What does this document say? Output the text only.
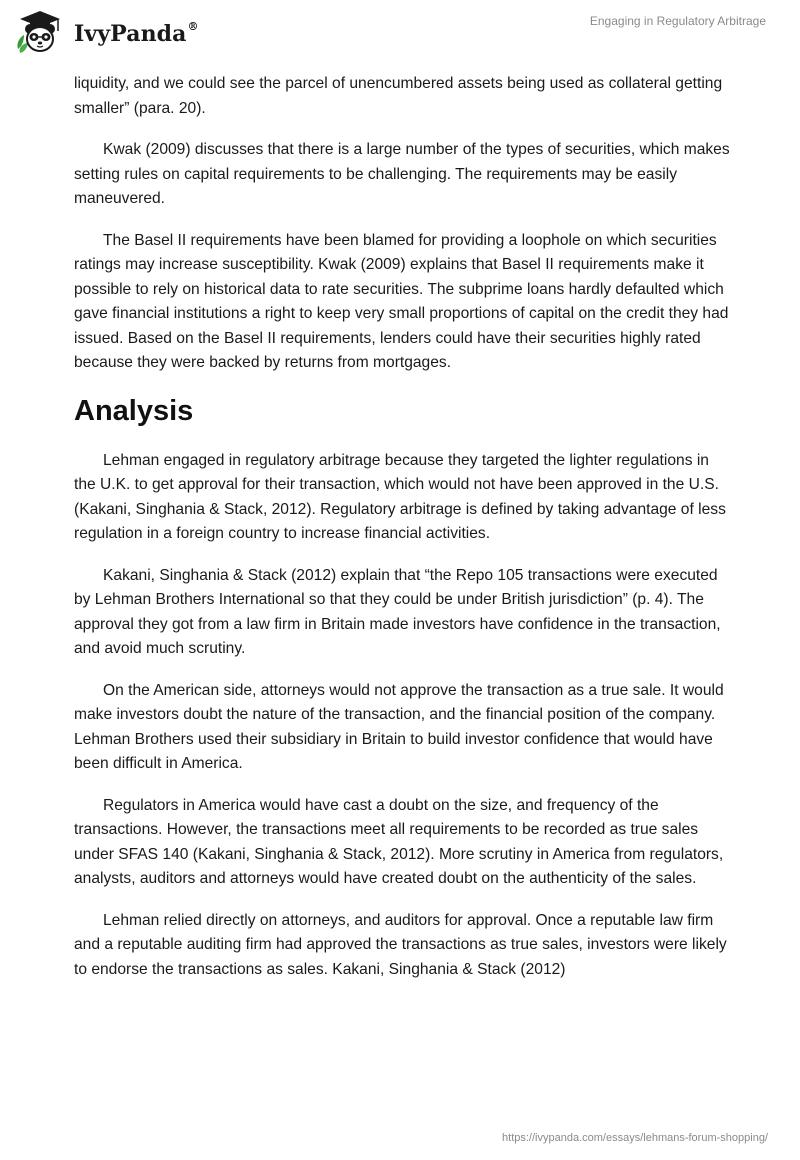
IvyPanda®	Engaging in Regulatory Arbitrage

liquidity, and we could see the parcel of unencumbered assets being used as collateral getting smaller” (para. 20).

Kwak (2009) discusses that there is a large number of the types of securities, which makes setting rules on capital requirements to be challenging. The requirements may be easily maneuvered.

The Basel II requirements have been blamed for providing a loophole on which securities ratings may increase susceptibility. Kwak (2009) explains that Basel II requirements make it possible to rely on historical data to rate securities. The subprime loans hardly defaulted which gave financial institutions a right to keep very small proportions of capital on the credit they had issued. Based on the Basel II requirements, lenders could have their securities highly rated because they were backed by returns from mortgages.

Analysis

Lehman engaged in regulatory arbitrage because they targeted the lighter regulations in the U.K. to get approval for their transaction, which would not have been approved in the U.S. (Kakani, Singhania & Stack, 2012). Regulatory arbitrage is defined by taking advantage of less regulation in a foreign country to increase financial activities.

Kakani, Singhania & Stack (2012) explain that “the Repo 105 transactions were executed by Lehman Brothers International so that they could be under British jurisdiction” (p. 4). The approval they got from a law firm in Britain made investors have confidence in the transaction, and avoid much scrutiny.

On the American side, attorneys would not approve the transaction as a true sale. It would make investors doubt the nature of the transaction, and the financial position of the company. Lehman Brothers used their subsidiary in Britain to build investor confidence that would have been difficult in America.

Regulators in America would have cast a doubt on the size, and frequency of the transactions. However, the transactions meet all requirements to be recorded as true sales under SFAS 140 (Kakani, Singhania & Stack, 2012). More scrutiny in America from regulators, analysts, auditors and attorneys would have created doubt on the authenticity of the sales.

Lehman relied directly on attorneys, and auditors for approval. Once a reputable law firm and a reputable auditing firm had approved the transactions as true sales, investors were likely to endorse the transactions as sales. Kakani, Singhania & Stack (2012)

https://ivypanda.com/essays/lehmans-forum-shopping/
